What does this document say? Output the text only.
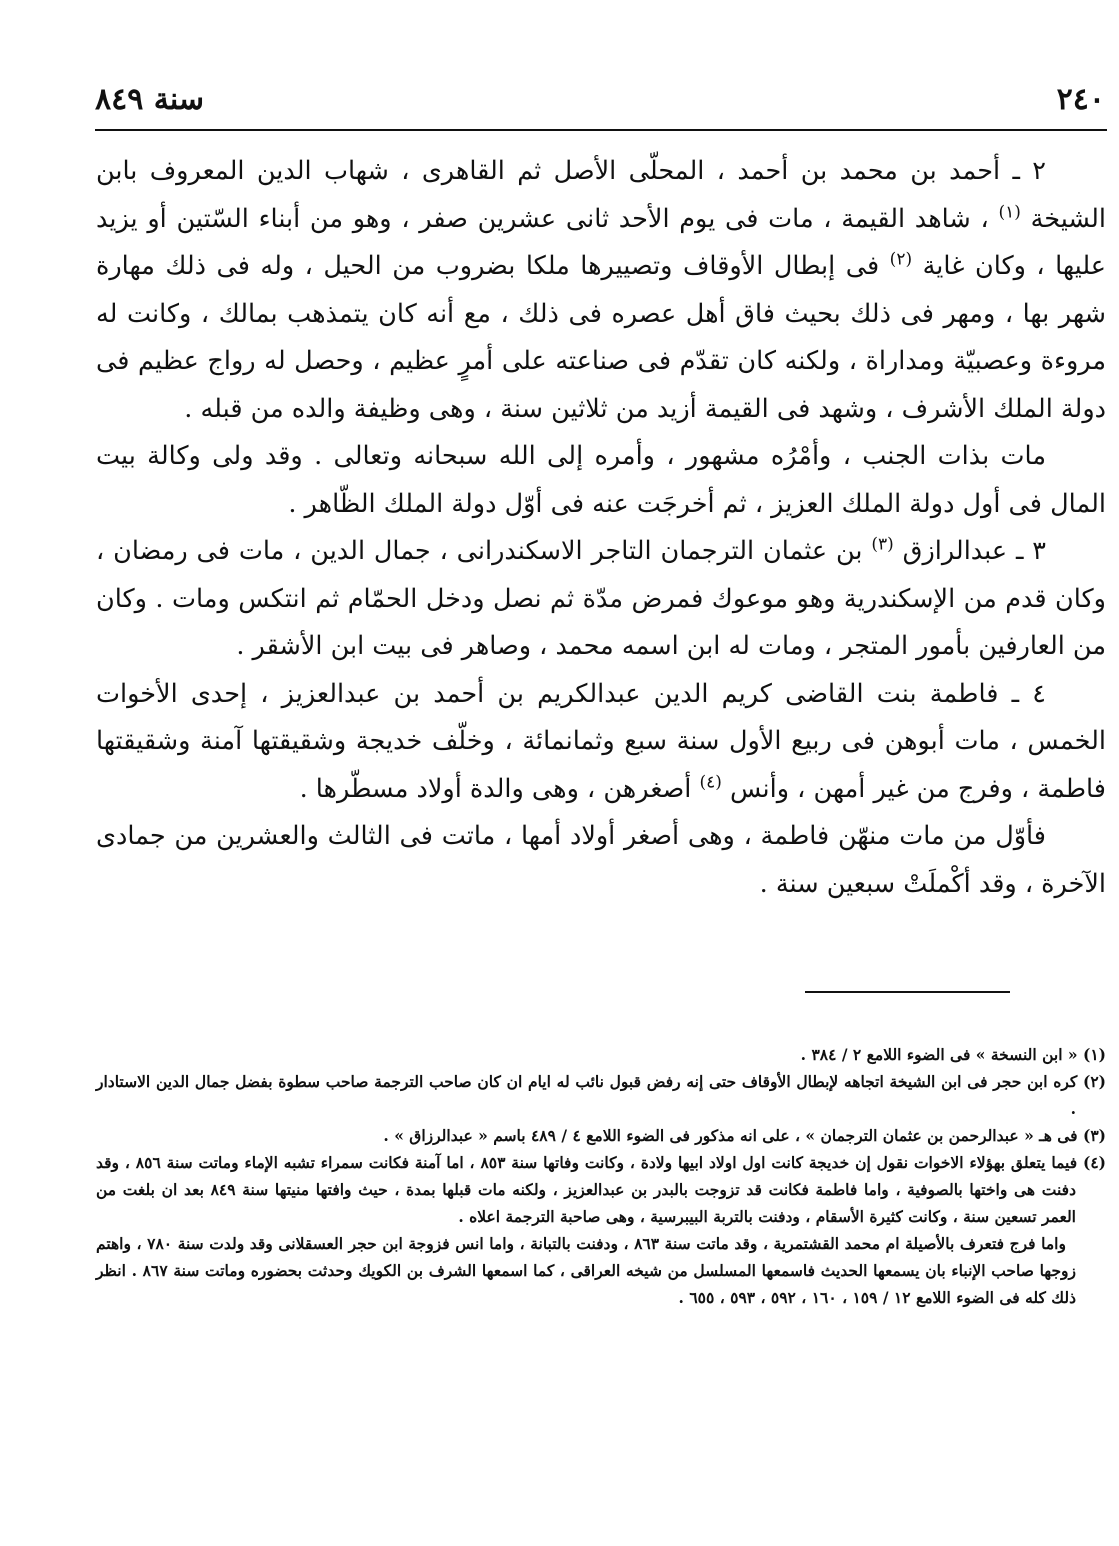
٢٤٠
سنة ٨٤٩

٢ ـ أحمد بن محمد بن أحمد ، المحلّى الأصل ثم القاهرى ، شهاب الدين المعروف بابن الشيخة $^{(١)}$ ، شاهد القيمة ، مات فى يوم الأحد ثانى عشرين صفر ، وهو من أبناء السّتين أو يزيد عليها ، وكان غاية $^{(٢)}$ فى إبطال الأوقاف وتصييرها ملكا بضروب من الحيل ، وله فى ذلك مهارة شهر بها ، ومهر فى ذلك بحيث فاق أهل عصره فى ذلك ، مع أنه كان يتمذهب بمالك ، وكانت له مروءة وعصبيّة ومداراة ، ولكنه كان تقدّم فى صناعته على أمرٍ عظيم ، وحصل له رواج عظيم فى دولة الملك الأشرف ، وشهد فى القيمة أزيد من ثلاثين سنة ، وهى وظيفة والده من قبله .

مات بذات الجنب ، وأمْرُه مشهور ، وأمره إلى الله سبحانه وتعالى . وقد ولى وكالة بيت المال فى أول دولة الملك العزيز ، ثم أخرجَت عنه فى أوّل دولة الملك الظّاهر .

٣ ـ عبدالرازق $^{(٣)}$ بن عثمان الترجمان التاجر الاسكندرانى ، جمال الدين ، مات فى رمضان ، وكان قدم من الإسكندرية وهو موعوك فمرض مدّة ثم نصل ودخل الحمّام ثم انتكس ومات . وكان من العارفين بأمور المتجر ، ومات له ابن اسمه محمد ، وصاهر فى بيت ابن الأشقر .

٤ ـ فاطمة بنت القاضى كريم الدين عبدالكريم بن أحمد بن عبدالعزيز ، إحدى الأخوات الخمس ، مات أبوهن فى ربيع الأول سنة سبع وثمانمائة ، وخلّف خديجة وشقيقتها آمنة وشقيقتها فاطمة ، وفرج من غير أمهن ، وأنس $^{(٤)}$ أصغرهن ، وهى والدة أولاد مسطّرها .

فأوّل من مات منهّن فاطمة ، وهى أصغر أولاد أمها ، ماتت فى الثالث والعشرين من جمادى الآخرة ، وقد أكْملَتْ سبعين سنة .

(١) « ابن النسخة » فى الضوء اللامع ٢ / ٣٨٤ .

(٢) كره ابن حجر فى ابن الشيخة اتجاهه لإبطال الأوقاف حتى إنه رفض قبول نائب له ايام ان كان صاحب الترجمة صاحب سطوة بفضل جمال الدين الاستادار .

(٣) فى هـ « عبدالرحمن بن عثمان الترجمان » ، على انه مذكور فى الضوء اللامع ٤ / ٤٨٩ باسم « عبدالرزاق » .

(٤) فيما يتعلق بهؤلاء الاخوات نقول إن خديجة كانت اول اولاد ابيها ولادة ، وكانت وفاتها سنة ٨٥٣ ، اما آمنة فكانت سمراء تشبه الإماء وماتت سنة ٨٥٦ ، وقد دفنت هى واختها بالصوفية ، واما فاطمة فكانت قد تزوجت بالبدر بن عبدالعزيز ، ولكنه مات قبلها بمدة ، حيث وافتها منيتها سنة ٨٤٩ بعد ان بلغت من العمر تسعين سنة ، وكانت كثيرة الأسقام ، ودفنت بالتربة البيبرسية ، وهى صاحبة الترجمة اعلاه .

واما فرج فتعرف بالأصيلة ام محمد القشتمرية ، وقد ماتت سنة ٨٦٣ ، ودفنت بالتبانة ، واما انس فزوجة ابن حجر العسقلانى وقد ولدت سنة ٧٨٠ ، واهتم زوجها صاحب الإنباء بان يسمعها الحديث فاسمعها المسلسل من شيخه العراقى ، كما اسمعها الشرف بن الكويك وحدثت بحضوره وماتت سنة ٨٦٧ . انظر ذلك كله فى الضوء اللامع ١٢ / ١٥٩ ، ١٦٠ ، ٥٩٢ ، ٥٩٣ ، ٦٥٥ .
